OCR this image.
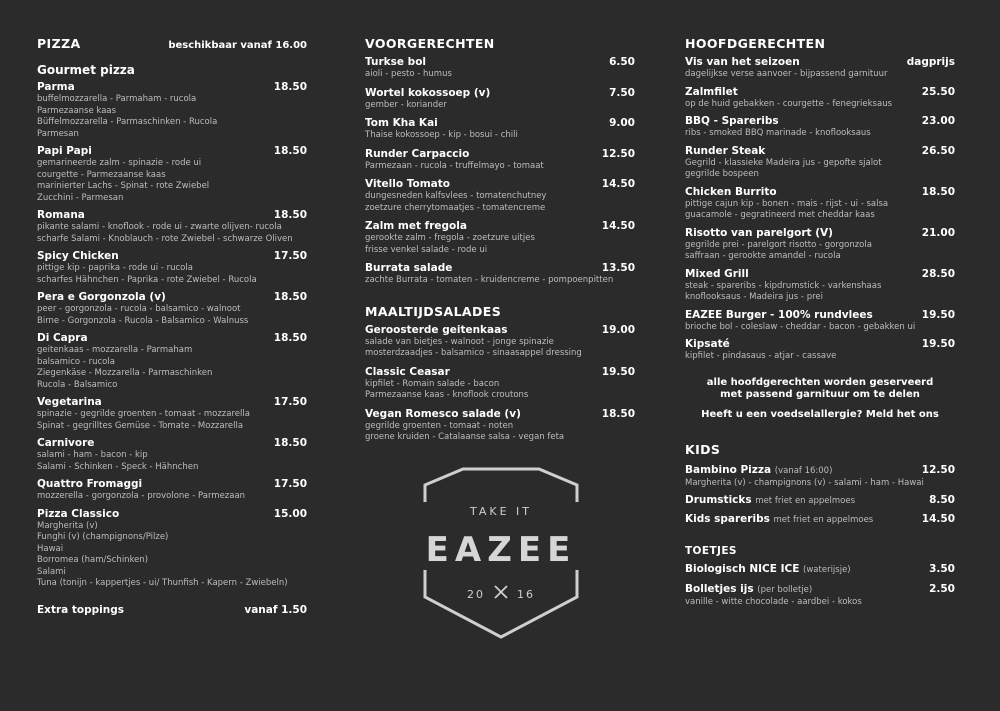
PIZZA	beschikbaar vanaf 16.00
Gourmet pizza
Parma	18.50
buffelmozzarella - Parmaham - rucola
Parmezaanse kaas
Büffelmozzarella - Parmaschinken - Rucola
Parmesan
Papi Papi	18.50
gemarineerde zalm - spinazie - rode ui
courgette - Parmezaanse kaas
marinierter Lachs - Spinat - rote Zwiebel
Zucchini - Parmesan
Romana	18.50
pikante salami - knoflook - rode ui - zwarte olijven- rucola
scharfe Salami - Knoblauch - rote Zwiebel - schwarze Oliven
Spicy Chicken	17.50
pittige kip - paprika - rode ui - rucola
scharfes Hähnchen - Paprika - rote Zwiebel - Rucola
Pera e Gorgonzola (v)	18.50
peer - gorgonzola - rucola - balsamico - walnoot
Birne - Gorgonzola - Rucola - Balsamico - Walnuss
Di Capra	18.50
geitenkaas - mozzarella - Parmaham
balsamico - rucola
Ziegenkäse - Mozzarella - Parmaschinken
Rucola - Balsamico
Vegetarina	17.50
spinazie - gegrilde groenten - tomaat - mozzarella
Spinat - gegrilltes Gemüse - Tomate - Mozzarella
Carnivore	18.50
salami - ham - bacon - kip
Salami - Schinken - Speck - Hähnchen
Quattro Fromaggi	17.50
mozzerella - gorgonzola - provolone - Parmezaan
Pizza Classico	15.00
Margherita (v)
Funghi (v) (champignons/Pilze)
Hawai
Borromea (ham/Schinken)
Salami
Tuna (tonijn - kappertjes - ui/ Thunfish - Kapern - Zwiebeln)
Extra toppings	vanaf 1.50
VOORGERECHTEN
Turkse bol	6.50
aioli - pesto - humus
Wortel kokossoep (v)	7.50
gember - koriander
Tom Kha Kai	9.00
Thaise kokossoep - kip - bosui - chili
Runder Carpaccio	12.50
Parmezaan - rucola - truffelmayo - tomaat
Vitello Tomato	14.50
dungesneden kalfsvlees - tomatenchutney
zoetzure cherrytomaatjes - tomatencreme
Zalm met fregola	14.50
gerookte zalm - fregola - zoetzure uitjes
frisse venkel salade - rode ui
Burrata salade	13.50
zachte Burrata - tomaten - kruidencreme - pompoenpitten
MAALTIJDSALADES
Geroosterde geitenkaas	19.00
salade van bietjes - walnoot - jonge spinazie
mosterdzaadjes - balsamico - sinaasappel dressing
Classic Ceasar	19.50
kipfilet - Romain salade - bacon
Parmezaanse kaas - knoflook croutons
Vegan Romesco salade (v)	18.50
gegrilde groenten - tomaat - noten
groene kruiden - Catalaanse salsa - vegan feta
HOOFDGERECHTEN
Vis van het seizoen	dagprijs
dagelijkse verse aanvoer - bijpassend garnituur
Zalmfilet	25.50
op de huid gebakken - courgette - fenegrieksaus
BBQ - Spareribs	23.00
ribs - smoked BBQ marinade - knoflooksaus
Runder Steak	26.50
Gegrild - klassieke Madeira jus - gepofte sjalot
gegrilde bospeen
Chicken Burrito	18.50
pittige cajun kip - bonen - mais - rijst - ui - salsa
guacamole - gegratineerd met cheddar kaas
Risotto van parelgort (V)	21.00
gegrilde prei - parelgort risotto - gorgonzola
saffraan - gerookte amandel - rucola
Mixed Grill	28.50
steak - spareribs - kipdrumstick - varkenshaas
knoflooksaus - Madeira jus - prei
EAZEE Burger - 100% rundvlees	19.50
brioche bol - coleslaw - cheddar - bacon - gebakken ui
Kipsaté	19.50
kipfilet - pindasaus - atjar - cassave
alle hoofdgerechten worden geserveerd met passend garnituur om te delen
Heeft u een voedselallergie? Meld het ons
KIDS
Bambino Pizza (vanaf 16:00)	12.50
Margherita (v) - champignons (v) - salami - ham - Hawai
Drumsticks met friet en appelmoes	8.50
Kids spareribs met friet en appelmoes	14.50
TOETJES
Biologisch NICE ICE (waterijsje)	3.50
Bolletjes ijs (per bolletje)	2.50
vanille - witte chocolade - aardbei - kokos
TAKE IT
EAZEE
20	16
